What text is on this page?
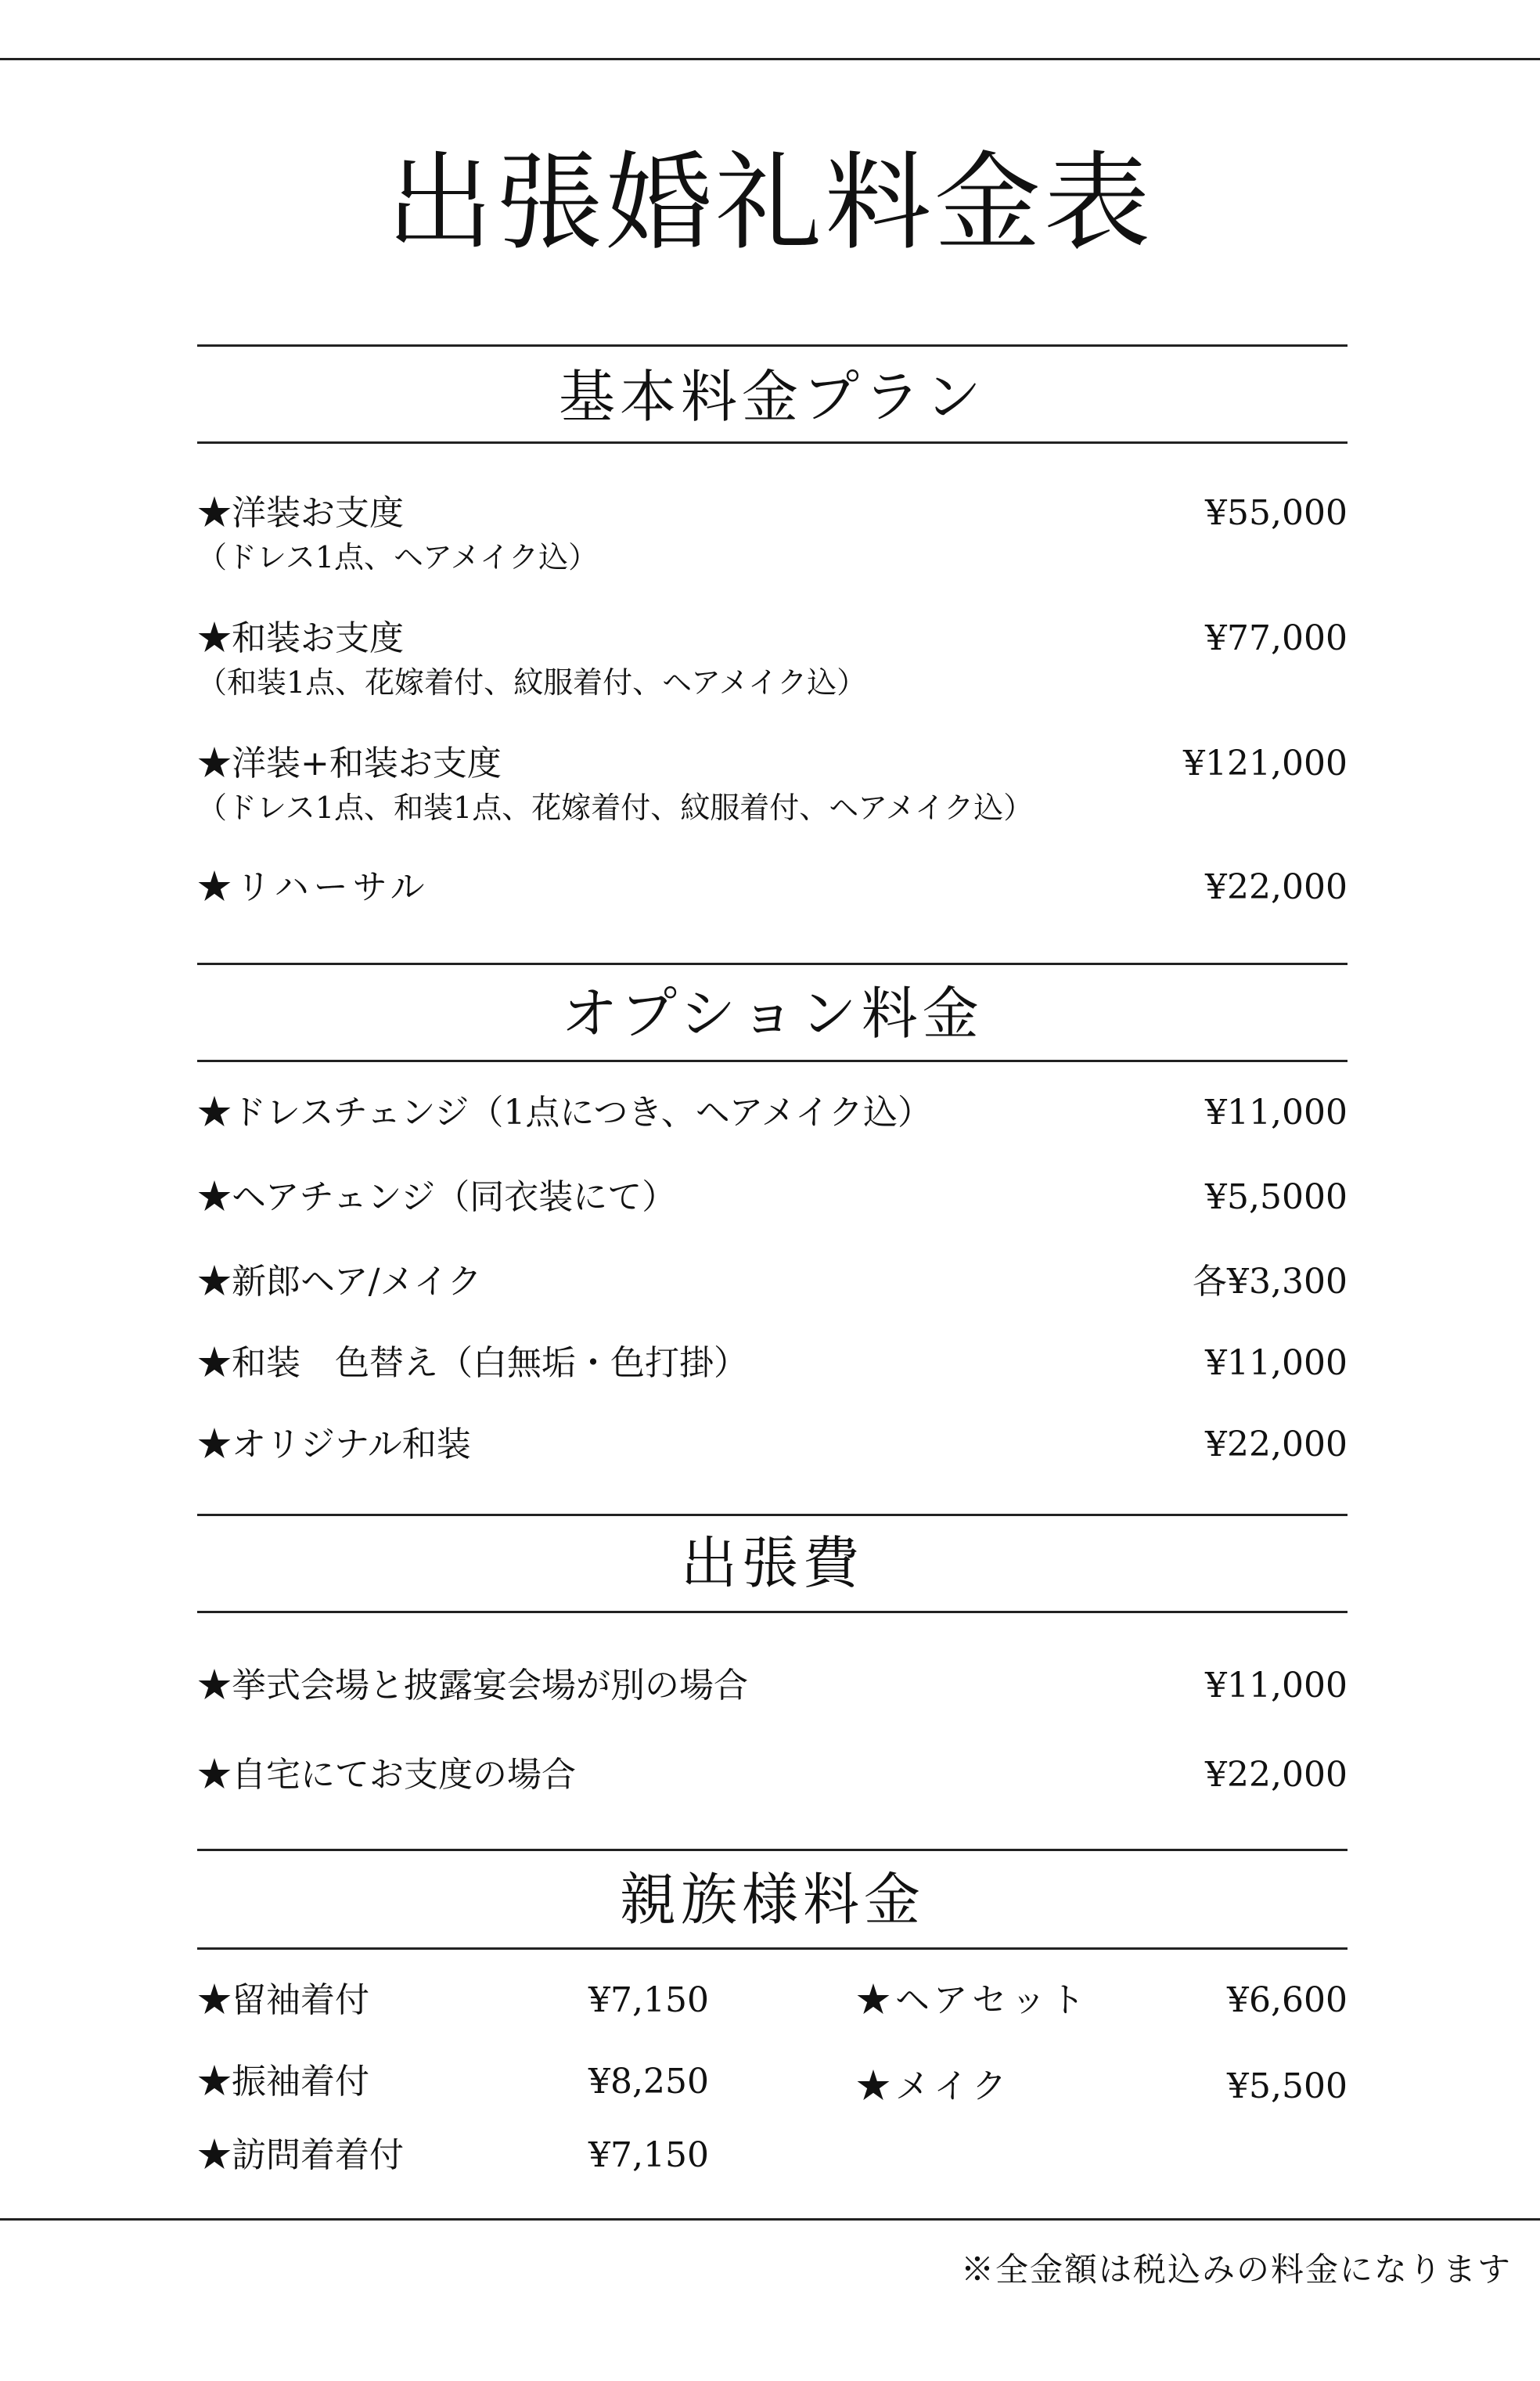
出張婚礼料金表
基本料金プラン
★洋装お支度	¥55,000
（ドレス1点、ヘアメイク込）
★和装お支度	¥77,000
（和装1点、花嫁着付、紋服着付、ヘアメイク込）
★洋装+和装お支度	¥121,000
（ドレス1点、和装1点、花嫁着付、紋服着付、ヘアメイク込）
★リハーサル	¥22,000
オプション料金
★ドレスチェンジ（1点につき、ヘアメイク込）	¥11,000
★ヘアチェンジ（同衣装にて）	¥5,5000
★新郎ヘア/メイク	各¥3,300
★和装　色替え（白無垢・色打掛）	¥11,000
★オリジナル和装	¥22,000
出張費
★挙式会場と披露宴会場が別の場合	¥11,000
★自宅にてお支度の場合	¥22,000
親族様料金
★留袖着付	¥7,150
★振袖着付	¥8,250
★訪問着着付	¥7,150
★ヘアセット	¥6,600
★メイク	¥5,500
※全金額は税込みの料金になります
